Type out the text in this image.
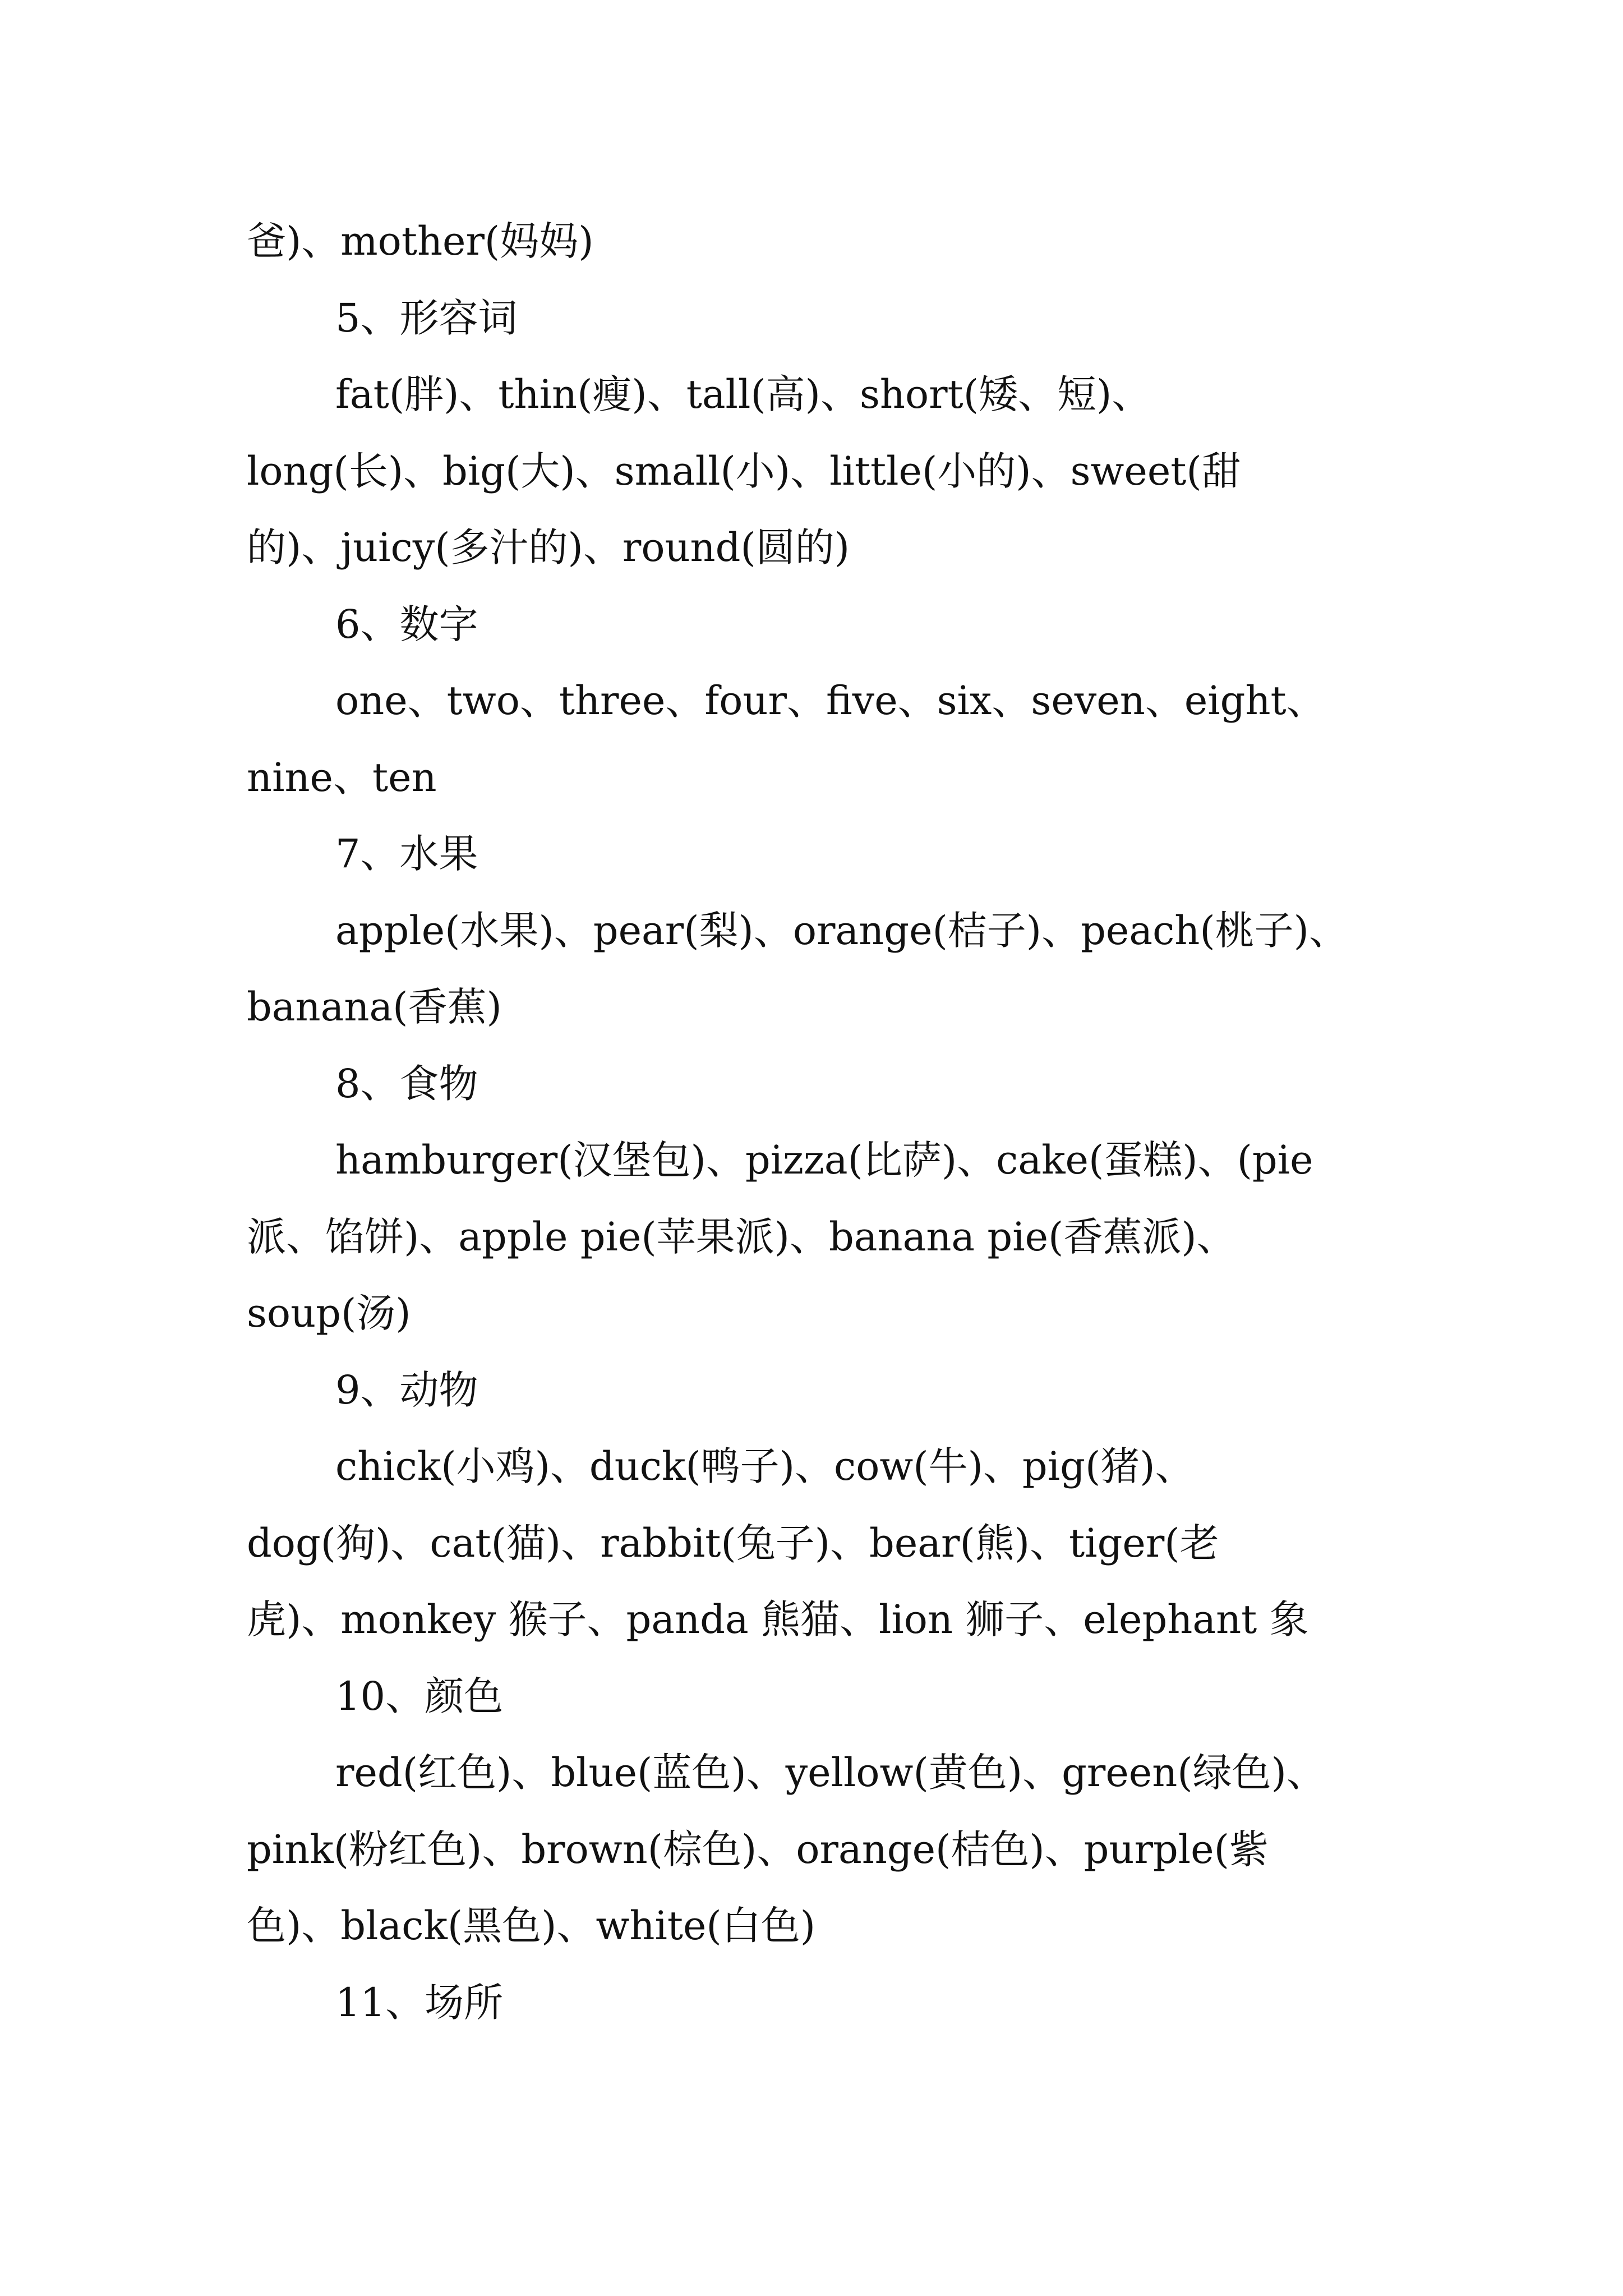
爸)、mother(妈妈)
5、形容词
fat(胖)、thin(瘦)、tall(高)、short(矮、短)、
long(长)、big(大)、small(小)、little(小的)、sweet(甜
的)、juicy(多汁的)、round(圆的)
6、数字
one、two、three、four、five、six、seven、eight、
nine、ten
7、水果
apple(水果)、pear(梨)、orange(桔子)、peach(桃子)、
banana(香蕉)
8、食物
hamburger(汉堡包)、pizza(比萨)、cake(蛋糕)、(pie
派、馅饼)、apple pie(苹果派)、banana pie(香蕉派)、
soup(汤)
9、动物
chick(小鸡)、duck(鸭子)、cow(牛)、pig(猪)、
dog(狗)、cat(猫)、rabbit(兔子)、bear(熊)、tiger(老
虎)、monkey 猴子、panda 熊猫、lion 狮子、elephant 象
10、颜色
red(红色)、blue(蓝色)、yellow(黄色)、green(绿色)、
pink(粉红色)、brown(棕色)、orange(桔色)、purple(紫
色)、black(黑色)、white(白色)
11、场所
